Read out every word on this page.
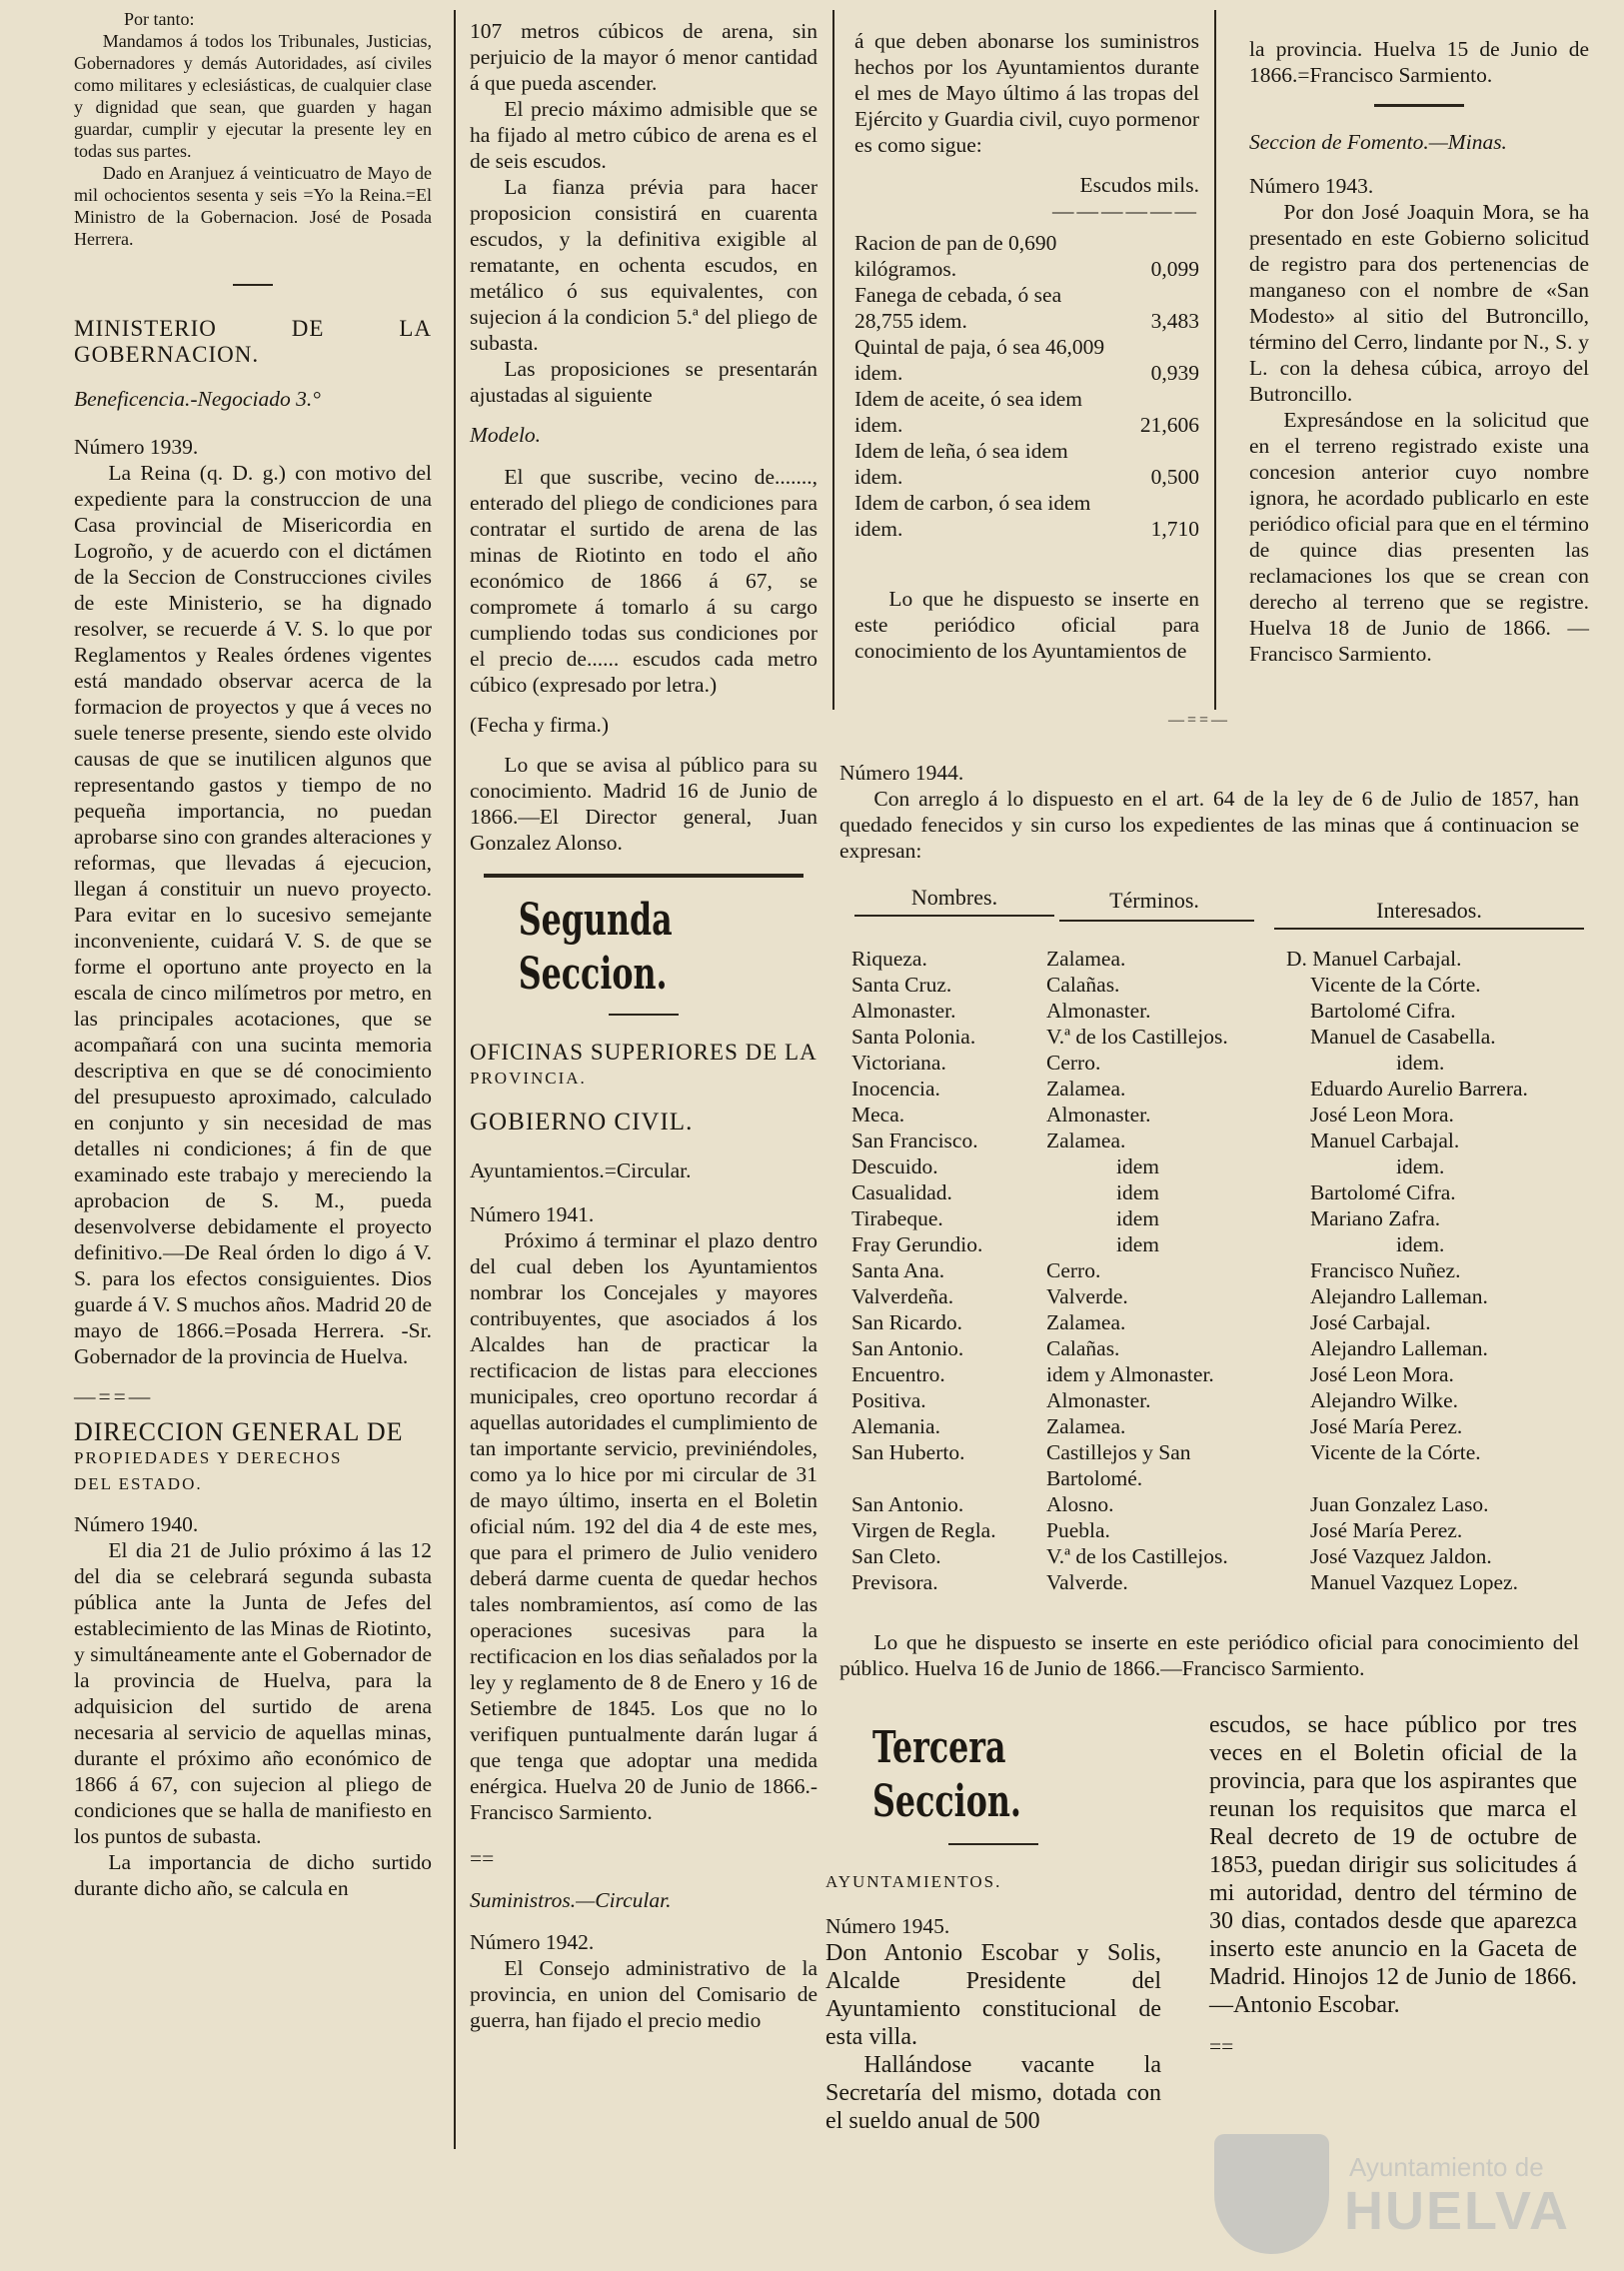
Por tanto:

Mandamos á todos los Tribunales, Justicias, Gobernadores y demás Autoridades, así civiles como militares y eclesiásticas, de cualquier clase y dignidad que sean, que guarden y hagan guardar, cumplir y ejecutar la presente ley en todas sus partes.

Dado en Aranjuez á veinticuatro de Mayo de mil ochocientos sesenta y seis =Yo la Reina.=El Ministro de la Gobernacion. José de Posada Herrera.

MINISTERIO DE LA GOBERNACION.

Beneficencia.-Negociado 3.°

Número 1939.

La Reina (q. D. g.) con motivo del expediente para la construccion de una Casa provincial de Misericordia en Logroño, y de acuerdo con el dictámen de la Seccion de Construcciones civiles de este Ministerio, se ha dignado resolver, se recuerde á V. S. lo que por Reglamentos y Reales órdenes vigentes está mandado observar acerca de la formacion de proyectos y que á veces no suele tenerse presente, siendo este olvido causas de que se inutilicen algunos que representando gastos y tiempo de no pequeña importancia, no puedan aprobarse sino con grandes alteraciones y reformas, que llevadas á ejecucion, llegan á constituir un nuevo proyecto. Para evitar en lo sucesivo semejante inconveniente, cuidará V. S. de que se forme el oportuno ante proyecto en la escala de cinco milímetros por metro, en las principales acotaciones, que se acompañará con una sucinta memoria descriptiva en que se dé conocimiento del presupuesto aproximado, calculado en conjunto y sin necesidad de mas detalles ni condiciones; á fin de que examinado este trabajo y mereciendo la aprobacion de S. M., pueda desenvolverse debidamente el proyecto definitivo.—De Real órden lo digo á V. S. para los efectos consiguientes. Dios guarde á V. S muchos años. Madrid 20 de mayo de 1866.=Posada Herrera. -Sr. Gobernador de la provincia de Huelva.

—==—

DIRECCION GENERAL DE

PROPIEDADES Y DERECHOS

DEL ESTADO.

Número 1940.

El dia 21 de Julio próximo á las 12 del dia se celebrará segunda subasta pública ante la Junta de Jefes del establecimiento de las Minas de Riotinto, y simultáneamente ante el Gobernador de la provincia de Huelva, para la adquisicion del surtido de arena necesaria al servicio de aquellas minas, durante el próximo año económico de 1866 á 67, con sujecion al pliego de condiciones que se halla de manifiesto en los puntos de subasta.

La importancia de dicho surtido durante dicho año, se calcula en

107 metros cúbicos de arena, sin perjuicio de la mayor ó menor cantidad á que pueda ascender.

El precio máximo admisible que se ha fijado al metro cúbico de arena es el de seis escudos.

La fianza prévia para hacer proposicion consistirá en cuarenta escudos, y la definitiva exigible al rematante, en ochenta escudos, en metálico ó sus equivalentes, con sujecion á la condicion 5.ª del pliego de subasta.

Las proposiciones se presentarán ajustadas al siguiente

Modelo.

El que suscribe, vecino de......., enterado del pliego de condiciones para contratar el surtido de arena de las minas de Riotinto en todo el año económico de 1866 á 67, se compromete á tomarlo á su cargo cumpliendo todas sus condiciones por el precio de...... escudos cada metro cúbico (expresado por letra.)

(Fecha y firma.)

Lo que se avisa al público para su conocimiento. Madrid 16 de Junio de 1866.—El Director general, Juan Gonzalez Alonso.

Segunda Seccion.

OFICINAS SUPERIORES DE LA

PROVINCIA.

GOBIERNO CIVIL.

Ayuntamientos.=Circular.

Número 1941.

Próximo á terminar el plazo dentro del cual deben los Ayuntamientos nombrar los Concejales y mayores contribuyentes, que asociados á los Alcaldes han de practicar la rectificacion de listas para elecciones municipales, creo oportuno recordar á aquellas autoridades el cumplimiento de tan importante servicio, previniéndoles, como ya lo hice por mi circular de 31 de mayo último, inserta en el Boletin oficial núm. 192 del dia 4 de este mes, que para el primero de Julio venidero deberá darme cuenta de quedar hechos tales nombramientos, así como de las operaciones sucesivas para la rectificacion en los dias señalados por la ley y reglamento de 8 de Enero y 16 de Setiembre de 1845. Los que no lo verifiquen puntualmente darán lugar á que tenga que adoptar una medida enérgica. Huelva 20 de Junio de 1866.-Francisco Sarmiento.

==

Suministros.—Circular.

Número 1942.

El Consejo administrativo de la provincia, en union del Comisario de guerra, han fijado el precio medio

á que deben abonarse los suministros hechos por los Ayuntamientos durante el mes de Mayo último á las tropas del Ejército y Guardia civil, cuyo pormenor es como sigue:

Escudos mils.

——————

Racion de pan de 0,690 kilógramos.	0,099
Fanega de cebada, ó sea 28,755 idem.	3,483
Quintal de paja, ó sea 46,009 idem.	0,939
Idem de aceite, ó sea idem idem.	21,606
Idem de leña, ó sea idem idem.	0,500
Idem de carbon, ó sea idem idem.	1,710

Lo que he dispuesto se inserte en este periódico oficial para conocimiento de los Ayuntamientos de

la provincia. Huelva 15 de Junio de 1866.=Francisco Sarmiento.

Seccion de Fomento.—Minas.

Número 1943.

Por don José Joaquin Mora, se ha presentado en este Gobierno solicitud de registro para dos pertenencias de manganeso con el nombre de «San Modesto» al sitio del Butroncillo, término del Cerro, lindante por N., S. y L. con la dehesa cúbica, arroyo del Butroncillo.

Expresándose en la solicitud que en el terreno registrado existe una concesion anterior cuyo nombre ignora, he acordado publicarlo en este periódico oficial para que en el término de quince dias presenten las reclamaciones los que se crean con derecho al terreno que se registre. Huelva 18 de Junio de 1866. — Francisco Sarmiento.

—==—

Número 1944.

Con arreglo á lo dispuesto en el art. 64 de la ley de 6 de Julio de 1857, han quedado fenecidos y sin curso los expedientes de las minas que á continuacion se expresan:

Nombres.	Términos.	Interesados.
Riqueza.	Zalamea.	D. Manuel Carbajal.
Santa Cruz.	Calañas.	Vicente de la Córte.
Almonaster.	Almonaster.	Bartolomé Cifra.
Santa Polonia.	V.ª de los Castillejos.	Manuel de Casabella.
Victoriana.	Cerro.	idem.
Inocencia.	Zalamea.	Eduardo Aurelio Barrera.
Meca.	Almonaster.	José Leon Mora.
San Francisco.	Zalamea.	Manuel Carbajal.
Descuido.	idem	idem.
Casualidad.	idem	Bartolomé Cifra.
Tirabeque.	idem	Mariano Zafra.
Fray Gerundio.	idem	idem.
Santa Ana.	Cerro.	Francisco Nuñez.
Valverdeña.	Valverde.	Alejandro Lalleman.
San Ricardo.	Zalamea.	José Carbajal.
San Antonio.	Calañas.	Alejandro Lalleman.
Encuentro.	idem y Almonaster.	José Leon Mora.
Positiva.	Almonaster.	Alejandro Wilke.
Alemania.	Zalamea.	José María Perez.
San Huberto.	Castillejos y San Bartolomé.	Vicente de la Córte.
San Antonio.	Alosno.	Juan Gonzalez Laso.
Virgen de Regla.	Puebla.	José María Perez.
San Cleto.	V.ª de los Castillejos.	José Vazquez Jaldon.
Previsora.	Valverde.	Manuel Vazquez Lopez.

Lo que he dispuesto se inserte en este periódico oficial para conocimiento del público. Huelva 16 de Junio de 1866.—Francisco Sarmiento.

Tercera Seccion.

AYUNTAMIENTOS.

Número 1945.

Don Antonio Escobar y Solis, Alcalde Presidente del Ayuntamiento constitucional de esta villa.

Hallándose vacante la Secretaría del mismo, dotada con el sueldo anual de 500

escudos, se hace público por tres veces en el Boletin oficial de la provincia, para que los aspirantes que reunan los requisitos que marca el Real decreto de 19 de octubre de 1853, puedan dirigir sus solicitudes á mi autoridad, dentro del término de 30 dias, contados desde que aparezca inserto este anuncio en la Gaceta de Madrid. Hinojos 12 de Junio de 1866.—Antonio Escobar.

==

Ayuntamiento de
HUELVA
